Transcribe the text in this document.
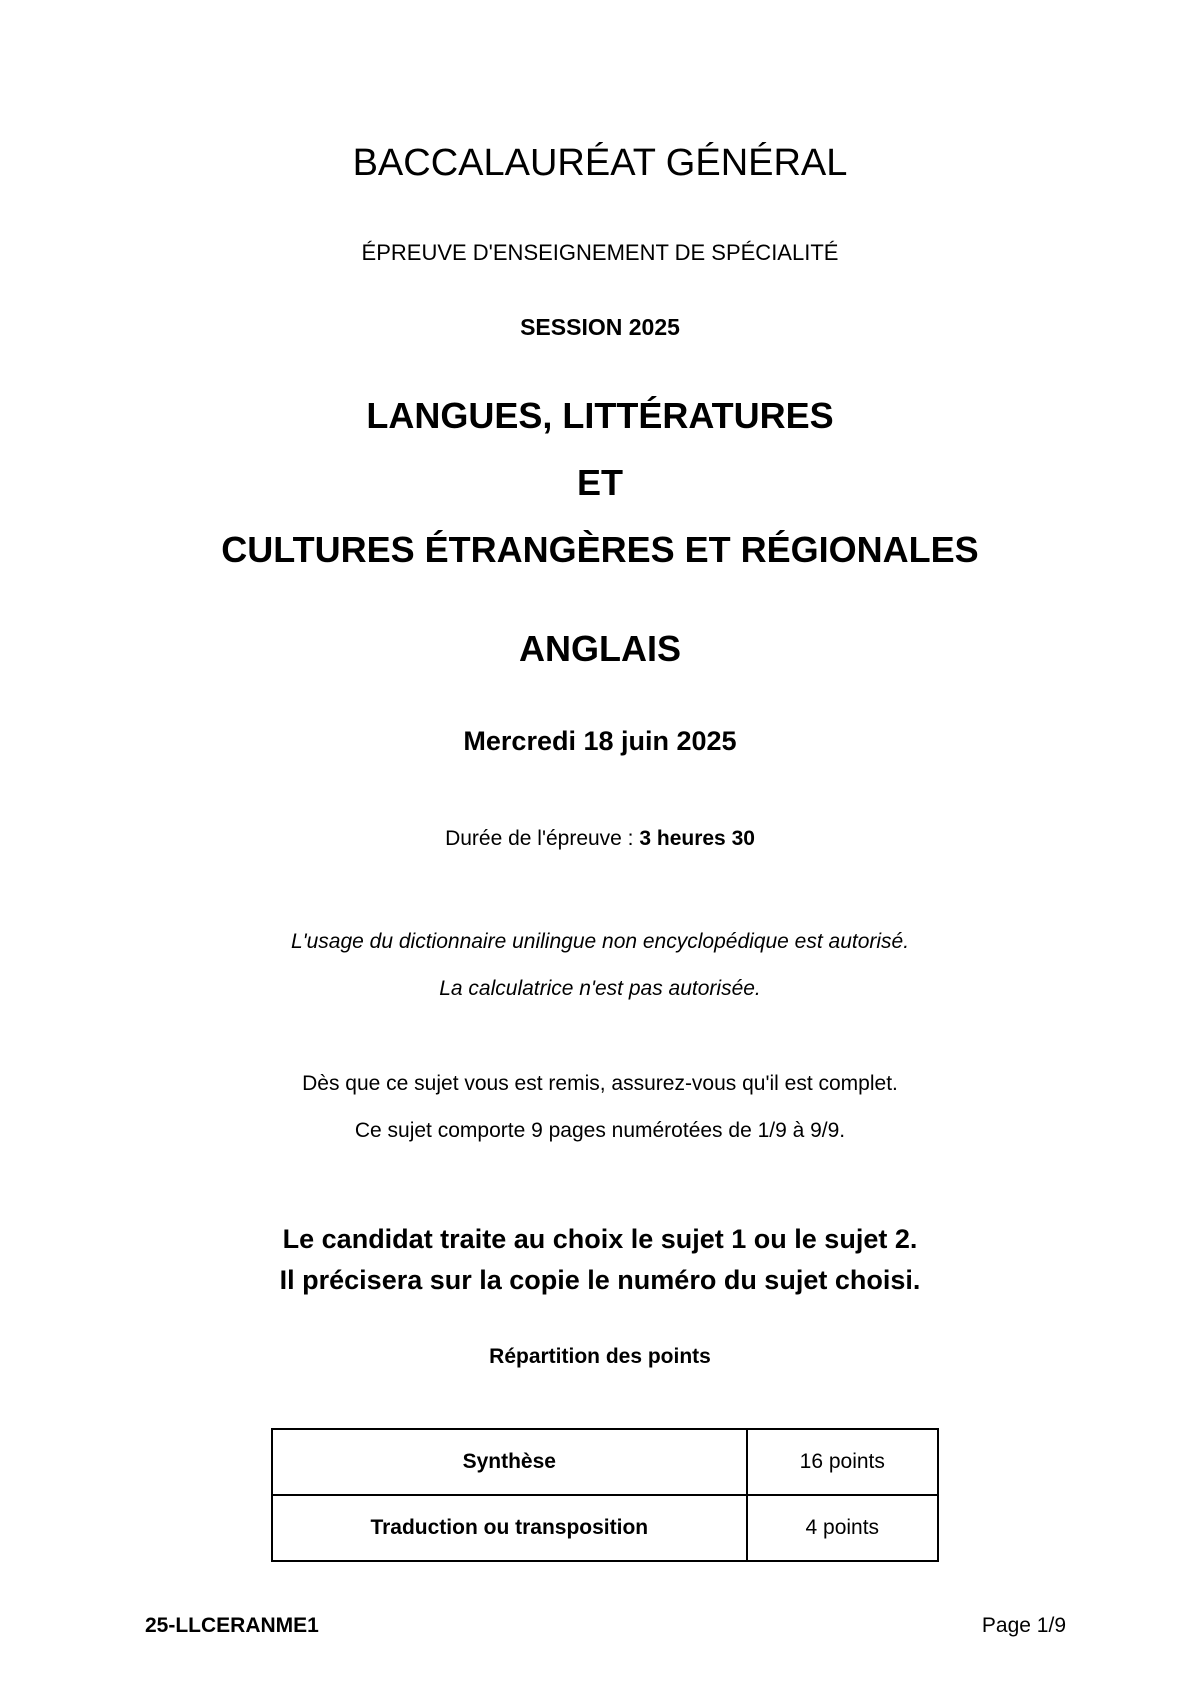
BACCALAURÉAT GÉNÉRAL
ÉPREUVE D'ENSEIGNEMENT DE SPÉCIALITÉ
SESSION 2025
LANGUES, LITTÉRATURES
ET
CULTURES ÉTRANGÈRES ET RÉGIONALES
ANGLAIS
Mercredi 18 juin 2025
Durée de l'épreuve : 3 heures 30
L'usage du dictionnaire unilingue non encyclopédique est autorisé.
La calculatrice n'est pas autorisée.
Dès que ce sujet vous est remis, assurez-vous qu'il est complet.
Ce sujet comporte 9 pages numérotées de 1/9 à 9/9.
Le candidat traite au choix le sujet 1 ou le sujet 2.
Il précisera sur la copie le numéro du sujet choisi.
Répartition des points
Synthèse	16 points
Traduction ou transposition	4 points
25-LLCERANME1	Page 1/9
